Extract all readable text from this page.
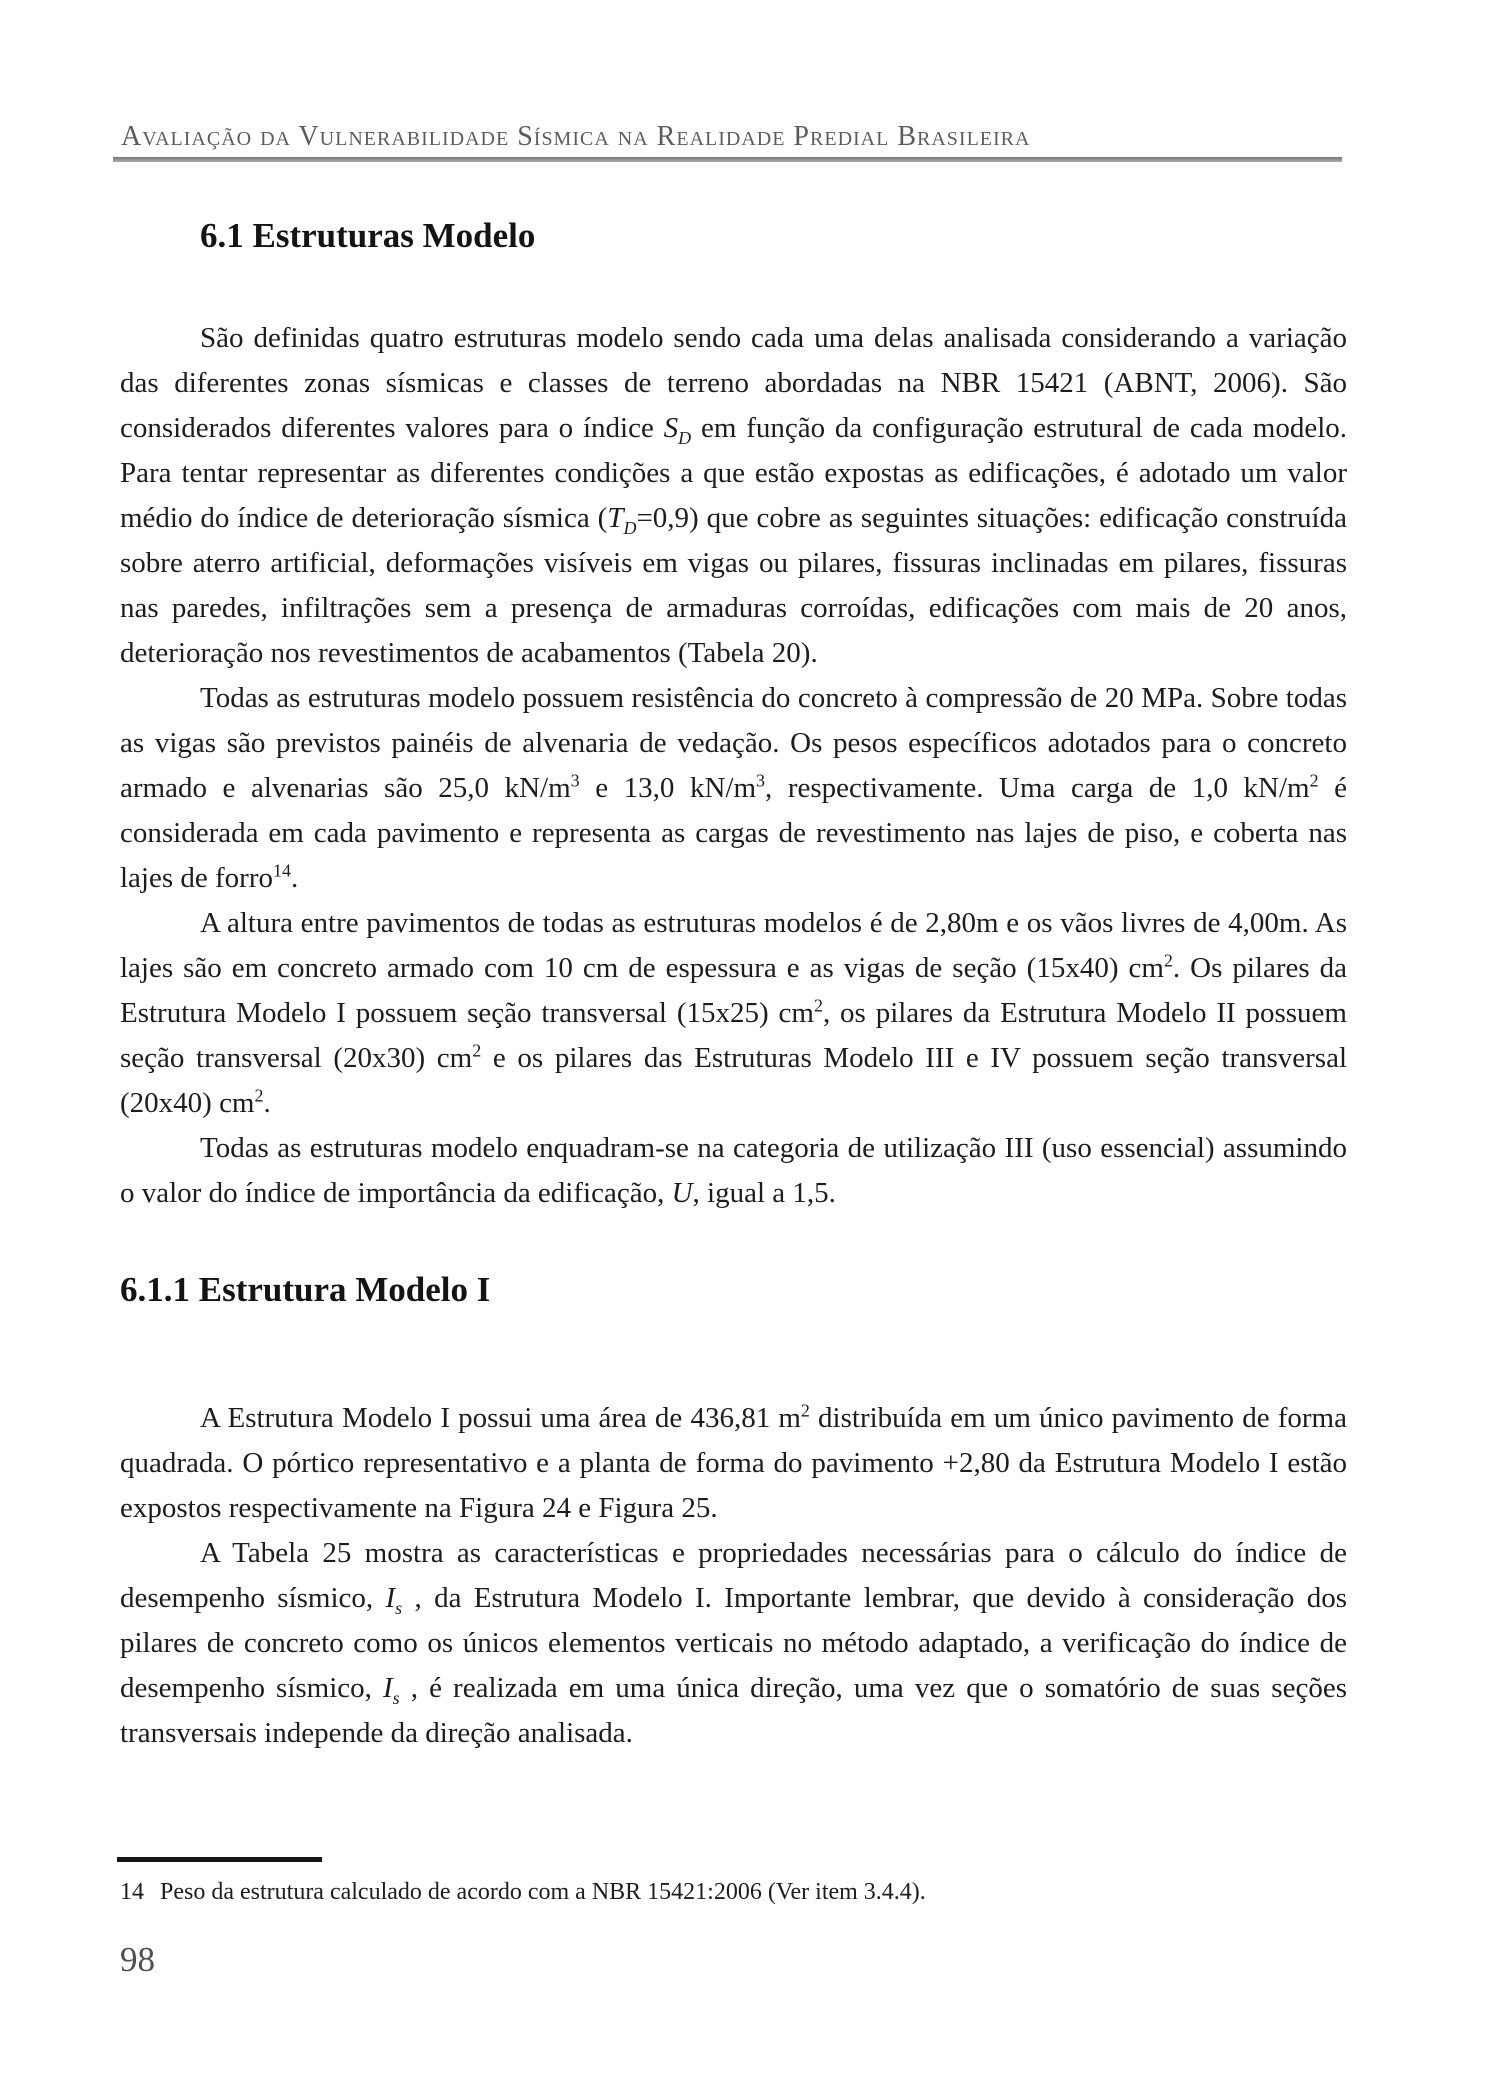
Avaliação da Vulnerabilidade Sísmica na Realidade Predial Brasileira
6.1 Estruturas Modelo

São definidas quatro estruturas modelo sendo cada uma delas analisada considerando a variação das diferentes zonas sísmicas e classes de terreno abordadas na NBR 15421 (ABNT, 2006). São considerados diferentes valores para o índice $S_D$ em função da configuração estrutural de cada modelo. Para tentar representar as diferentes condições a que estão expostas as edificações, é adotado um valor médio do índice de deterioração sísmica $(T_D=0,9)$ que cobre as seguintes situações: edificação construída sobre aterro artificial, deformações visíveis em vigas ou pilares, fissuras inclinadas em pilares, fissuras nas paredes, infiltrações sem a presença de armaduras corroídas, edificações com mais de 20 anos, deterioração nos revestimentos de acabamentos (Tabela 20).

Todas as estruturas modelo possuem resistência do concreto à compressão de 20 MPa. Sobre todas as vigas são previstos painéis de alvenaria de vedação. Os pesos específicos adotados para o concreto armado e alvenarias são 25,0 $kN/m^3$ e 13,0 $kN/m^3$, respectivamente. Uma carga de 1,0 $kN/m^2$ é considerada em cada pavimento e representa as cargas de revestimento nas lajes de piso, e coberta nas lajes de forro$^{14}$.

A altura entre pavimentos de todas as estruturas modelos é de 2,80m e os vãos livres de 4,00m. As lajes são em concreto armado com 10 cm de espessura e as vigas de seção (15x40) $cm^2$. Os pilares da Estrutura Modelo I possuem seção transversal (15x25) $cm^2$, os pilares da Estrutura Modelo II possuem seção transversal (20x30) $cm^2$ e os pilares das Estruturas Modelo III e IV possuem seção transversal (20x40) $cm^2$.

Todas as estruturas modelo enquadram-se na categoria de utilização III (uso essencial) assumindo o valor do índice de importância da edificação, U, igual a 1,5.

6.1.1 Estrutura Modelo I

A Estrutura Modelo I possui uma área de 436,81 $m^2$ distribuída em um único pavimento de forma quadrada. O pórtico representativo e a planta de forma do pavimento +2,80 da Estrutura Modelo I estão expostos respectivamente na Figura 24 e Figura 25.

A Tabela 25 mostra as características e propriedades necessárias para o cálculo do índice de desempenho sísmico, $I_s$ , da Estrutura Modelo I. Importante lembrar, que devido à consideração dos pilares de concreto como os únicos elementos verticais no método adaptado, a verificação do índice de desempenho sísmico, $I_s$ , é realizada em uma única direção, uma vez que o somatório de suas seções transversais independe da direção analisada.

14 Peso da estrutura calculado de acordo com a NBR 15421:2006 (Ver item 3.4.4).
98
